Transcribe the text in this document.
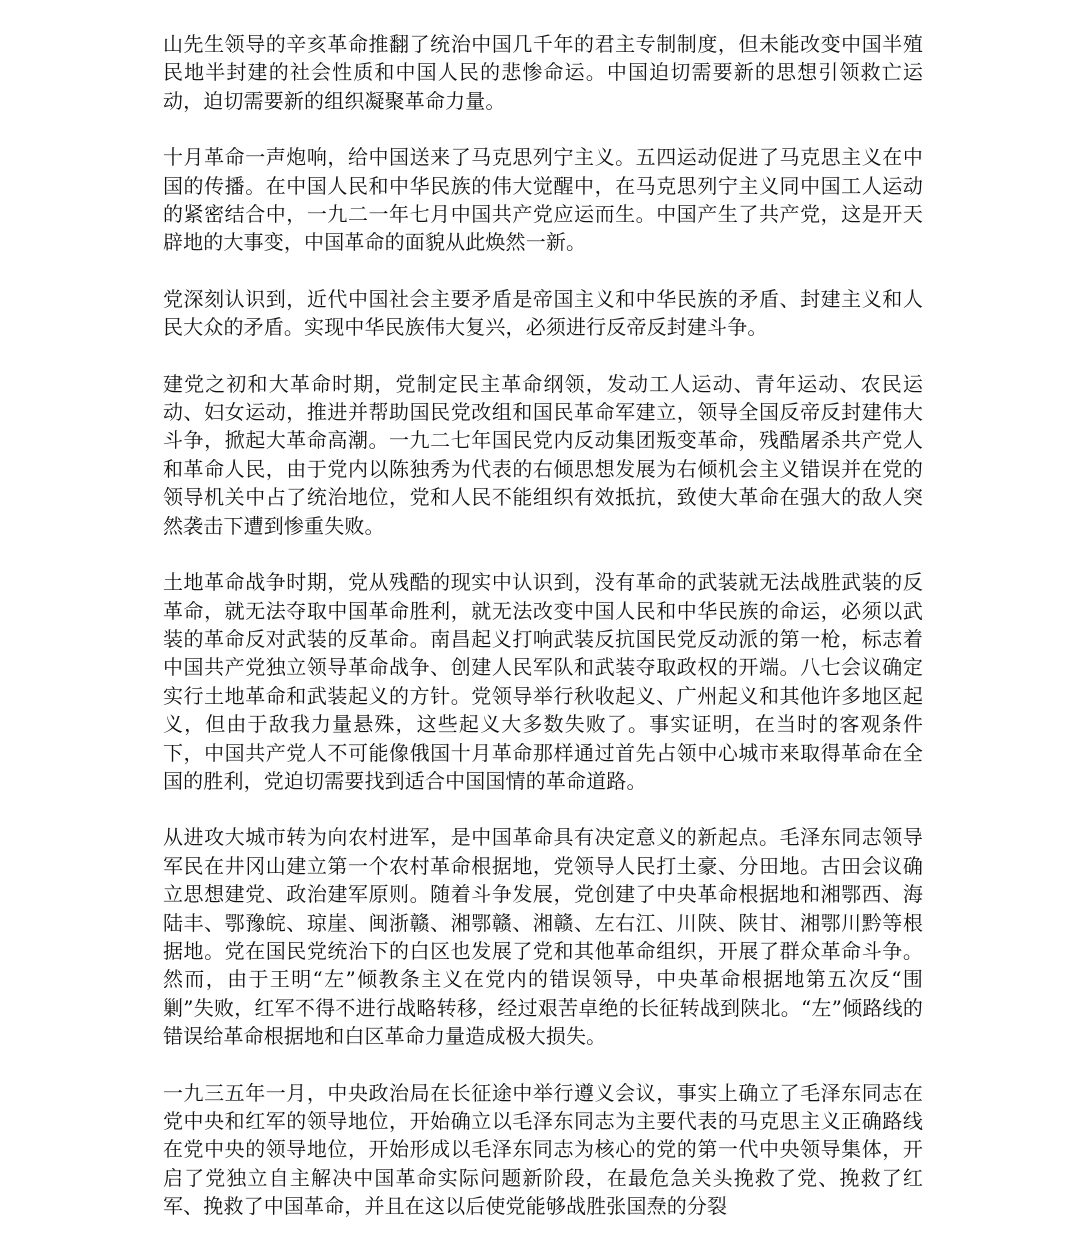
山先生领导的辛亥革命推翻了统治中国几千年的君主专制制度，但未能改变中国半殖民地半封建的社会性质和中国人民的悲惨命运。中国迫切需要新的思想引领救亡运动，迫切需要新的组织凝聚革命力量。

十月革命一声炮响，给中国送来了马克思列宁主义。五四运动促进了马克思主义在中国的传播。在中国人民和中华民族的伟大觉醒中，在马克思列宁主义同中国工人运动的紧密结合中，一九二一年七月中国共产党应运而生。中国产生了共产党，这是开天辟地的大事变，中国革命的面貌从此焕然一新。

党深刻认识到，近代中国社会主要矛盾是帝国主义和中华民族的矛盾、封建主义和人民大众的矛盾。实现中华民族伟大复兴，必须进行反帝反封建斗争。

建党之初和大革命时期，党制定民主革命纲领，发动工人运动、青年运动、农民运动、妇女运动，推进并帮助国民党改组和国民革命军建立，领导全国反帝反封建伟大斗争，掀起大革命高潮。一九二七年国民党内反动集团叛变革命，残酷屠杀共产党人和革命人民，由于党内以陈独秀为代表的右倾思想发展为右倾机会主义错误并在党的领导机关中占了统治地位，党和人民不能组织有效抵抗，致使大革命在强大的敌人突然袭击下遭到惨重失败。

土地革命战争时期，党从残酷的现实中认识到，没有革命的武装就无法战胜武装的反革命，就无法夺取中国革命胜利，就无法改变中国人民和中华民族的命运，必须以武装的革命反对武装的反革命。南昌起义打响武装反抗国民党反动派的第一枪，标志着中国共产党独立领导革命战争、创建人民军队和武装夺取政权的开端。八七会议确定实行土地革命和武装起义的方针。党领导举行秋收起义、广州起义和其他许多地区起义，但由于敌我力量悬殊，这些起义大多数失败了。事实证明，在当时的客观条件下，中国共产党人不可能像俄国十月革命那样通过首先占领中心城市来取得革命在全国的胜利，党迫切需要找到适合中国国情的革命道路。

从进攻大城市转为向农村进军，是中国革命具有决定意义的新起点。毛泽东同志领导军民在井冈山建立第一个农村革命根据地，党领导人民打土豪、分田地。古田会议确立思想建党、政治建军原则。随着斗争发展，党创建了中央革命根据地和湘鄂西、海陆丰、鄂豫皖、琼崖、闽浙赣、湘鄂赣、湘赣、左右江、川陕、陕甘、湘鄂川黔等根据地。党在国民党统治下的白区也发展了党和其他革命组织，开展了群众革命斗争。然而，由于王明“左”倾教条主义在党内的错误领导，中央革命根据地第五次反“围剿”失败，红军不得不进行战略转移，经过艰苦卓绝的长征转战到陕北。“左”倾路线的错误给革命根据地和白区革命力量造成极大损失。

一九三五年一月，中央政治局在长征途中举行遵义会议，事实上确立了毛泽东同志在党中央和红军的领导地位，开始确立以毛泽东同志为主要代表的马克思主义正确路线在党中央的领导地位，开始形成以毛泽东同志为核心的党的第一代中央领导集体，开启了党独立自主解决中国革命实际问题新阶段，在最危急关头挽救了党、挽救了红军、挽救了中国革命，并且在这以后使党能够战胜张国焘的分裂
